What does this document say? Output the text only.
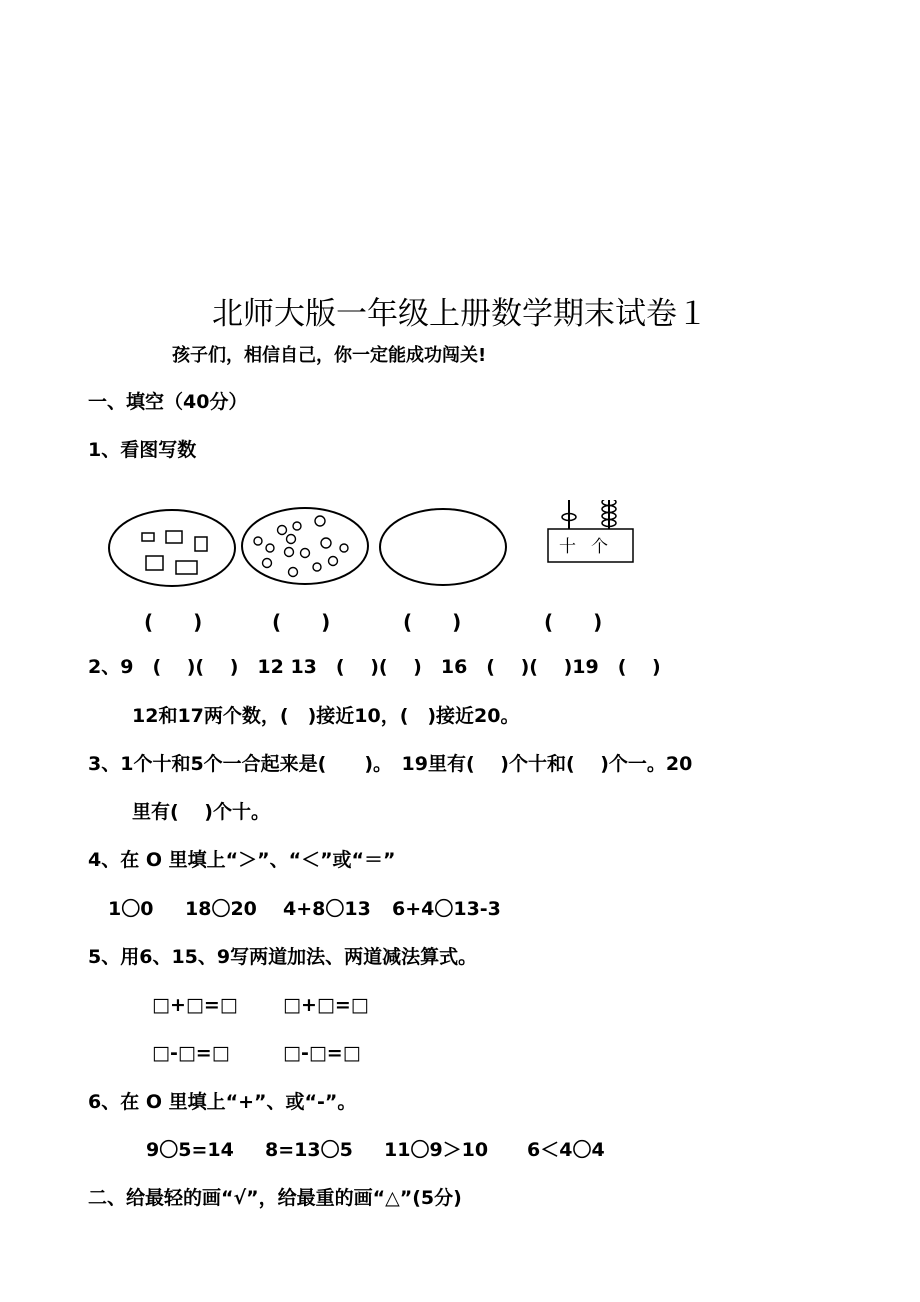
北师大版一年级上册数学期末试卷１
孩子们，相信自己，你一定能成功闯关!
一、填空（40分）
1、看图写数
十 个
(　　)	(　　)	(　　)	(　　)
2、9　(　 )(　 )　12 13　(　 )(　 )　16　(　 )(　 )19　(　 )
12和17两个数，(　)接近10，(　)接近20。
3、1个十和5个一合起来是(　　)。　19里有(　 )个十和(　 )个一。20
里有(　 )个十。
4、在 O 里填上“＞”、“＜”或“＝”
1〇0 18〇20 4+8〇13 6+4〇13-3
5、用6、15、9写两道加法、两道减法算式。
□+□=□ □+□=□
□-□=□	□-□=□
6、在 O 里填上“+”、或“-”。
9〇5=14 8=13〇5 11〇9＞10 6＜4〇4
二、给最轻的画“√”，给最重的画“△”(5分)
